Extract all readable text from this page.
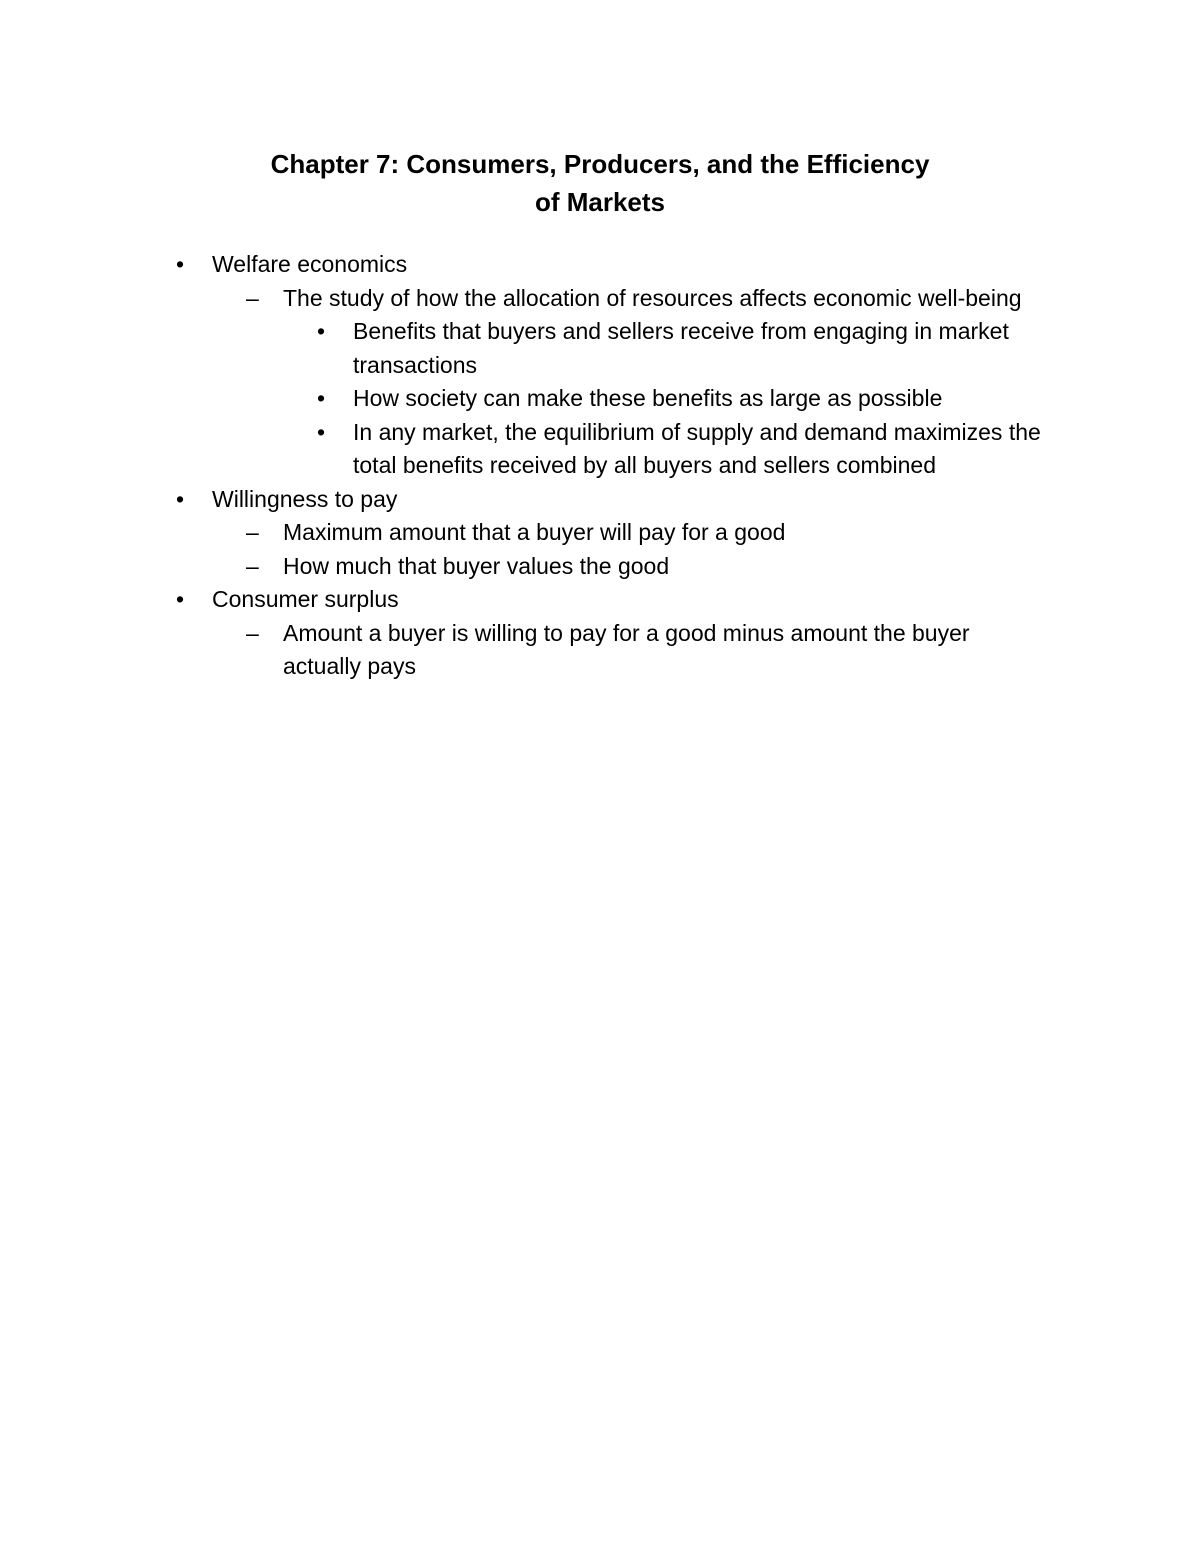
Chapter 7: Consumers, Producers, and the Efficiency
of Markets
• Welfare economics
– The study of how the allocation of resources affects economic well-being
• Benefits that buyers and sellers receive from engaging in market transactions
• How society can make these benefits as large as possible
• In any market, the equilibrium of supply and demand maximizes the total benefits received by all buyers and sellers combined
• Willingness to pay
– Maximum amount that a buyer will pay for a good
– How much that buyer values the good
• Consumer surplus
– Amount a buyer is willing to pay for a good minus amount the buyer actually pays
